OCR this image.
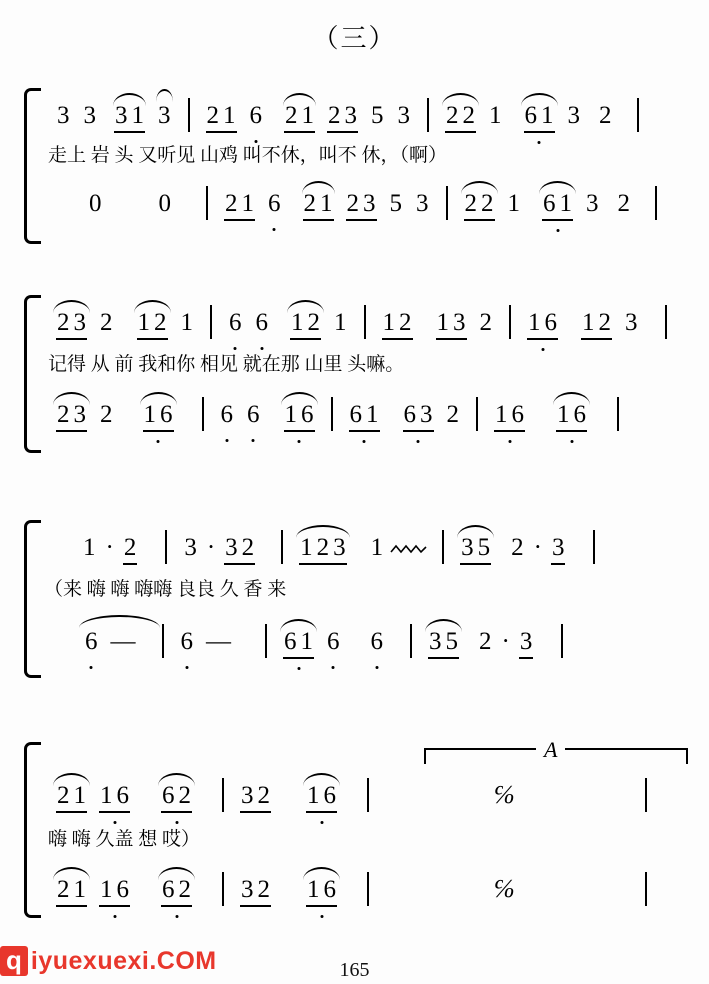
（三）
3 3 3 1 3 2 1 6 2 1 2 3 5 3 2 2 1 6 1 3 2
走上 岩 头 又听见 山鸡 叫不休，叫不 休，（啊）
0 0 2 1 6 2 1 2 3 5 3 2 2 1 6 1 3 2
2 3 2 1 2 1 6 6 1 2 1 1 2 1 3 2 1 6 1 2 3
记得 从 前 我和你 相见 就在那 山里 头嘛。
2 3 2 1 6 6 6 1 6 6 1 6 3 2 1 6 1 6
1 · 2 3 · 3 2 1 2 3 1	3 5 2 · 3
（来 嗨 嗨 嗨嗨 良良 久 香 来
6 — 6 — 6 1 6 6 3 5 2 · 3
A
2 1 1 6 6 2 3 2 1 6	℅
嗨 嗨 久盖 想 哎）
2 1 1 6 6 2 3 2 1 6	℅
165
q iyuexuexi.COM
